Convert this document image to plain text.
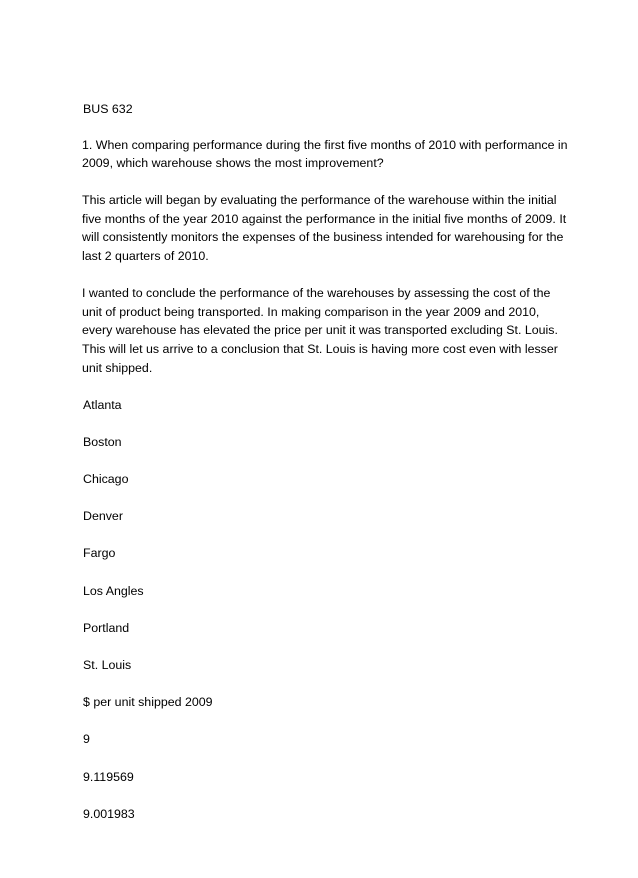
BUS 632

1. When comparing performance during the first five months of 2010 with performance in 2009, which warehouse shows the most improvement?

This article will began by evaluating the performance of the warehouse within the initial five months of the year 2010 against the performance in the initial five months of 2009. It will consistently monitors the expenses of the business intended for warehousing for the last 2 quarters of 2010.

I wanted to conclude the performance of the warehouses by assessing the cost of the unit of product being transported. In making comparison in the year 2009 and 2010, every warehouse has elevated the price per unit it was transported excluding St. Louis. This will let us arrive to a conclusion that St. Louis is having more cost even with lesser unit shipped.

Atlanta
Boston
Chicago
Denver
Fargo
Los Angles
Portland
St. Louis
$ per unit shipped 2009
9
9.119569
9.001983
